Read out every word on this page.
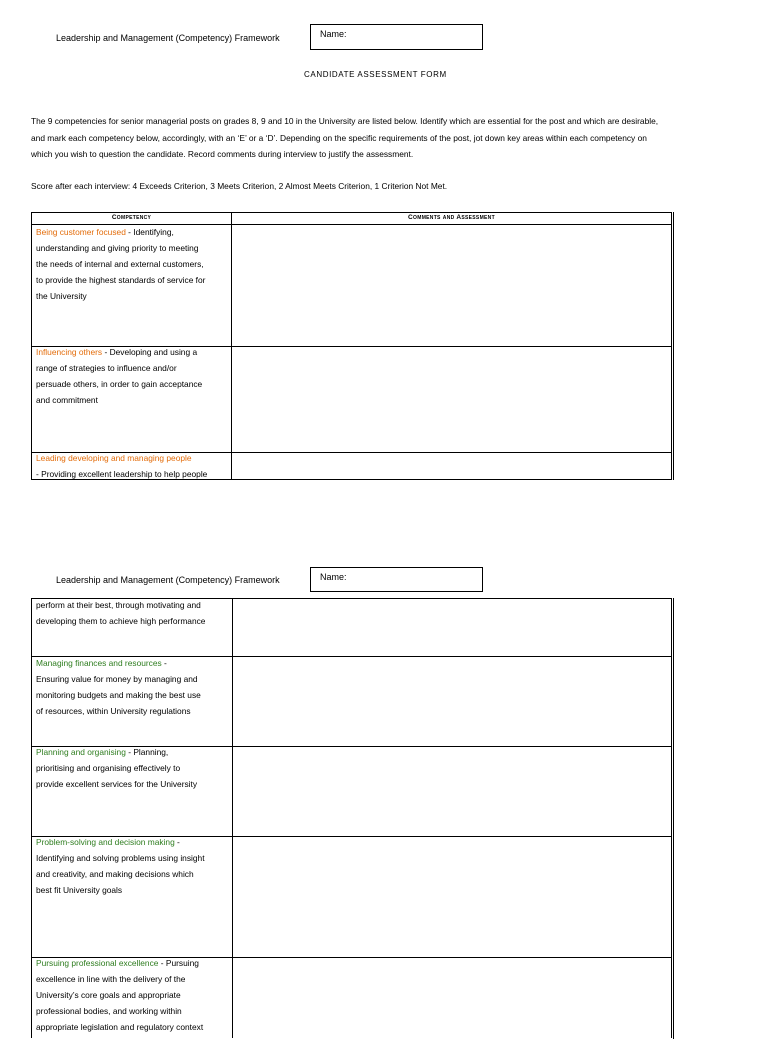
Leadership and Management (Competency) Framework	Name:
CANDIDATE ASSESSMENT FORM
The 9 competencies for senior managerial posts on grades 8, 9 and 10 in the University are listed below. Identify which are essential for the post and which are desirable,
and mark each competency below, accordingly, with an ‘E’ or a ‘D’. Depending on the specific requirements of the post, jot down key areas within each competency on
which you wish to question the candidate. Record comments during interview to justify the assessment.
Score after each interview: 4 Exceeds Criterion, 3 Meets Criterion, 2 Almost Meets Criterion, 1 Criterion Not Met.
Competency	Comments and Assessment
Being customer focused - Identifying,
understanding and giving priority to meeting
the needs of internal and external customers,
to provide the highest standards of service for
the University
Influencing others - Developing and using a
range of strategies to influence and/or
persuade others, in order to gain acceptance
and commitment
Leading developing and managing people
- Providing excellent leadership to help people
Leadership and Management (Competency) Framework	Name:
perform at their best, through motivating and
developing them to achieve high performance
Managing finances and resources -
Ensuring value for money by managing and
monitoring budgets and making the best use
of resources, within University regulations
Planning and organising - Planning,
prioritising and organising effectively to
provide excellent services for the University
Problem-solving and decision making -
Identifying and solving problems using insight
and creativity, and making decisions which
best fit University goals
Pursuing professional excellence - Pursuing
excellence in line with the delivery of the
University’s core goals and appropriate
professional bodies, and working within
appropriate legislation and regulatory context
